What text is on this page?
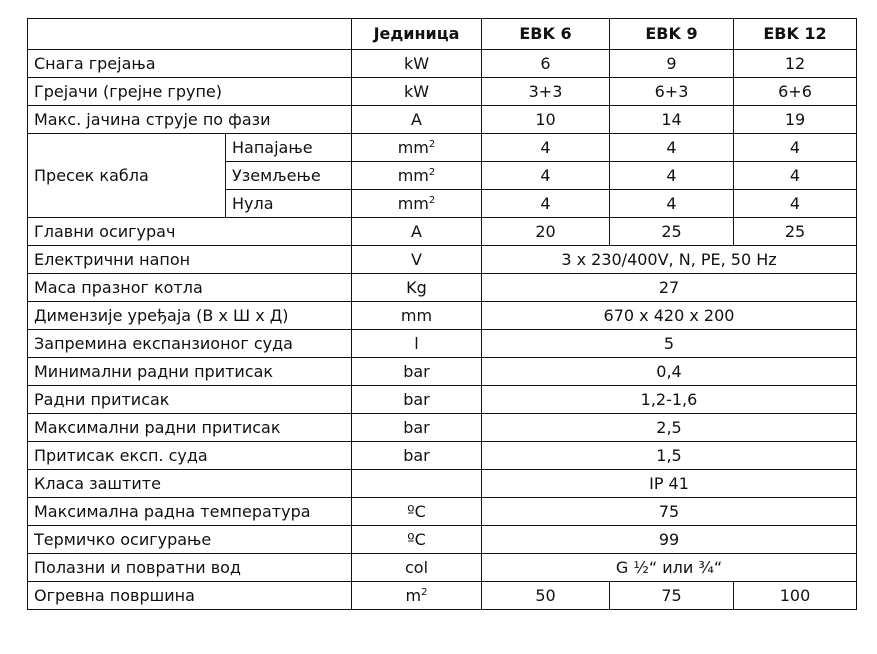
		Јединица	EBK 6	EBK 9	EBK 12
Снага грејања		kW	6	9	12
Грејачи (грејне групе)		kW	3+3	6+3	6+6
Макс. јачина струје по фази		A	10	14	19
Пресек кабла	Напајање	$mm^2$	4	4	4
	Уземљење	$mm^2$	4	4	4
	Нула	$mm^2$	4	4	4
Главни осигурач		A	20	25	25
Електрични напон		V	3 x 230/400V, N, PE, 50 Hz		
Маса празног котла		Kg	27		
Димензије уређаја (В х Ш х Д)		mm	670 x 420 x 200		
Запремина експанзионог суда		l	5		
Минимални радни притисак		bar	0,4		
Радни притисак		bar	1,2-1,6		
Максимални радни притисак		bar	2,5		
Притисак експ. суда		bar	1,5		
Класа заштите			IP 41		
Максимална радна температура		ºC	75		
Термичко осигурање		ºC	99		
Полазни и повратни вод		col	G ½“ или ¾“		
Огревна површина		$m^2$	50	75	100
